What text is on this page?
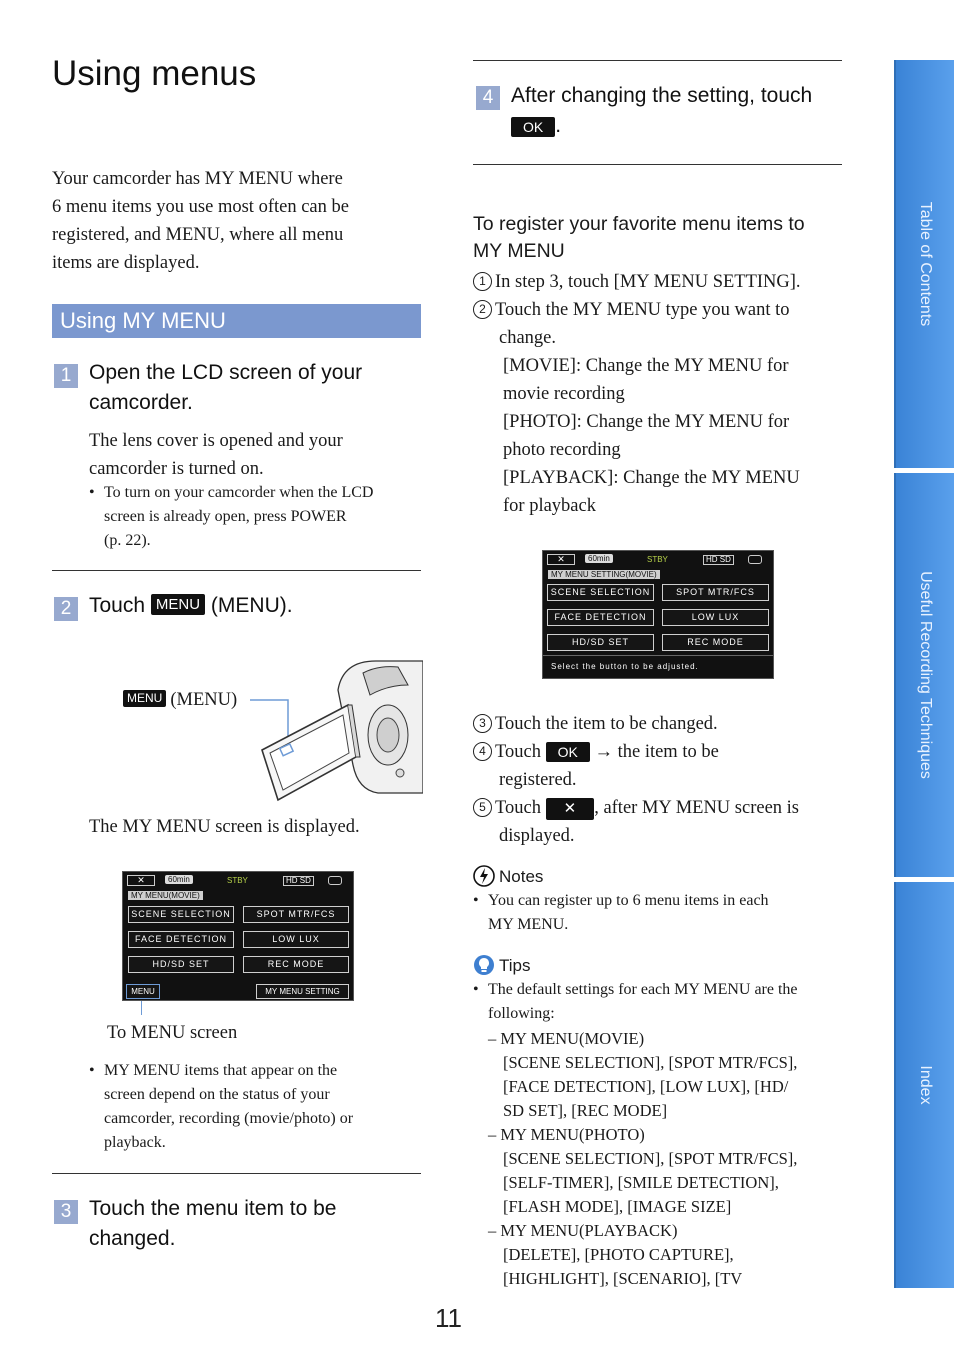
Using menus
Your camcorder has MY MENU where
6 menu items you use most often can be
registered, and MENU, where all menu
items are displayed.
Using MY MENU
1 Open the LCD screen of your
camcorder.
The lens cover is opened and your
camcorder is turned on.
• To turn on your camcorder when the LCD
screen is already open, press POWER
(p. 22).
2 Touch MENU (MENU).
MENU (MENU)
The MY MENU screen is displayed.
✕	60min	STBY	HD SD
MY MENU(MOVIE)
SCENE SELECTION	SPOT MTR/FCS
FACE DETECTION	LOW LUX
HD/SD SET	REC MODE
MENU	MY MENU SETTING
To MENU screen
• MY MENU items that appear on the
screen depend on the status of your
camcorder, recording (movie/photo) or
playback.
3 Touch the menu item to be
changed.
4 After changing the setting, touch
OK .
To register your favorite menu items to
MY MENU
1 In step 3, touch [MY MENU SETTING].
2 Touch the MY MENU type you want to
change.
[MOVIE]: Change the MY MENU for
movie recording
[PHOTO]: Change the MY MENU for
photo recording
[PLAYBACK]: Change the MY MENU
for playback
✕	60min	STBY	HD SD
MY MENU SETTING(MOVIE)
SCENE SELECTION	SPOT MTR/FCS
FACE DETECTION	LOW LUX
HD/SD SET	REC MODE
Select the button to be adjusted.
3 Touch the item to be changed.
4 Touch OK → the item to be
registered.
5 Touch ✕ , after MY MENU screen is
displayed.
Notes
• You can register up to 6 menu items in each
MY MENU.
Tips
• The default settings for each MY MENU are the
following:
– MY MENU(MOVIE)
[SCENE SELECTION], [SPOT MTR/FCS],
[FACE DETECTION], [LOW LUX], [HD/
SD SET], [REC MODE]
– MY MENU(PHOTO)
[SCENE SELECTION], [SPOT MTR/FCS],
[SELF-TIMER], [SMILE DETECTION],
[FLASH MODE], [IMAGE SIZE]
– MY MENU(PLAYBACK)
[DELETE], [PHOTO CAPTURE],
[HIGHLIGHT], [SCENARIO], [TV
Table of Contents
Useful Recording Techniques
Index
11
